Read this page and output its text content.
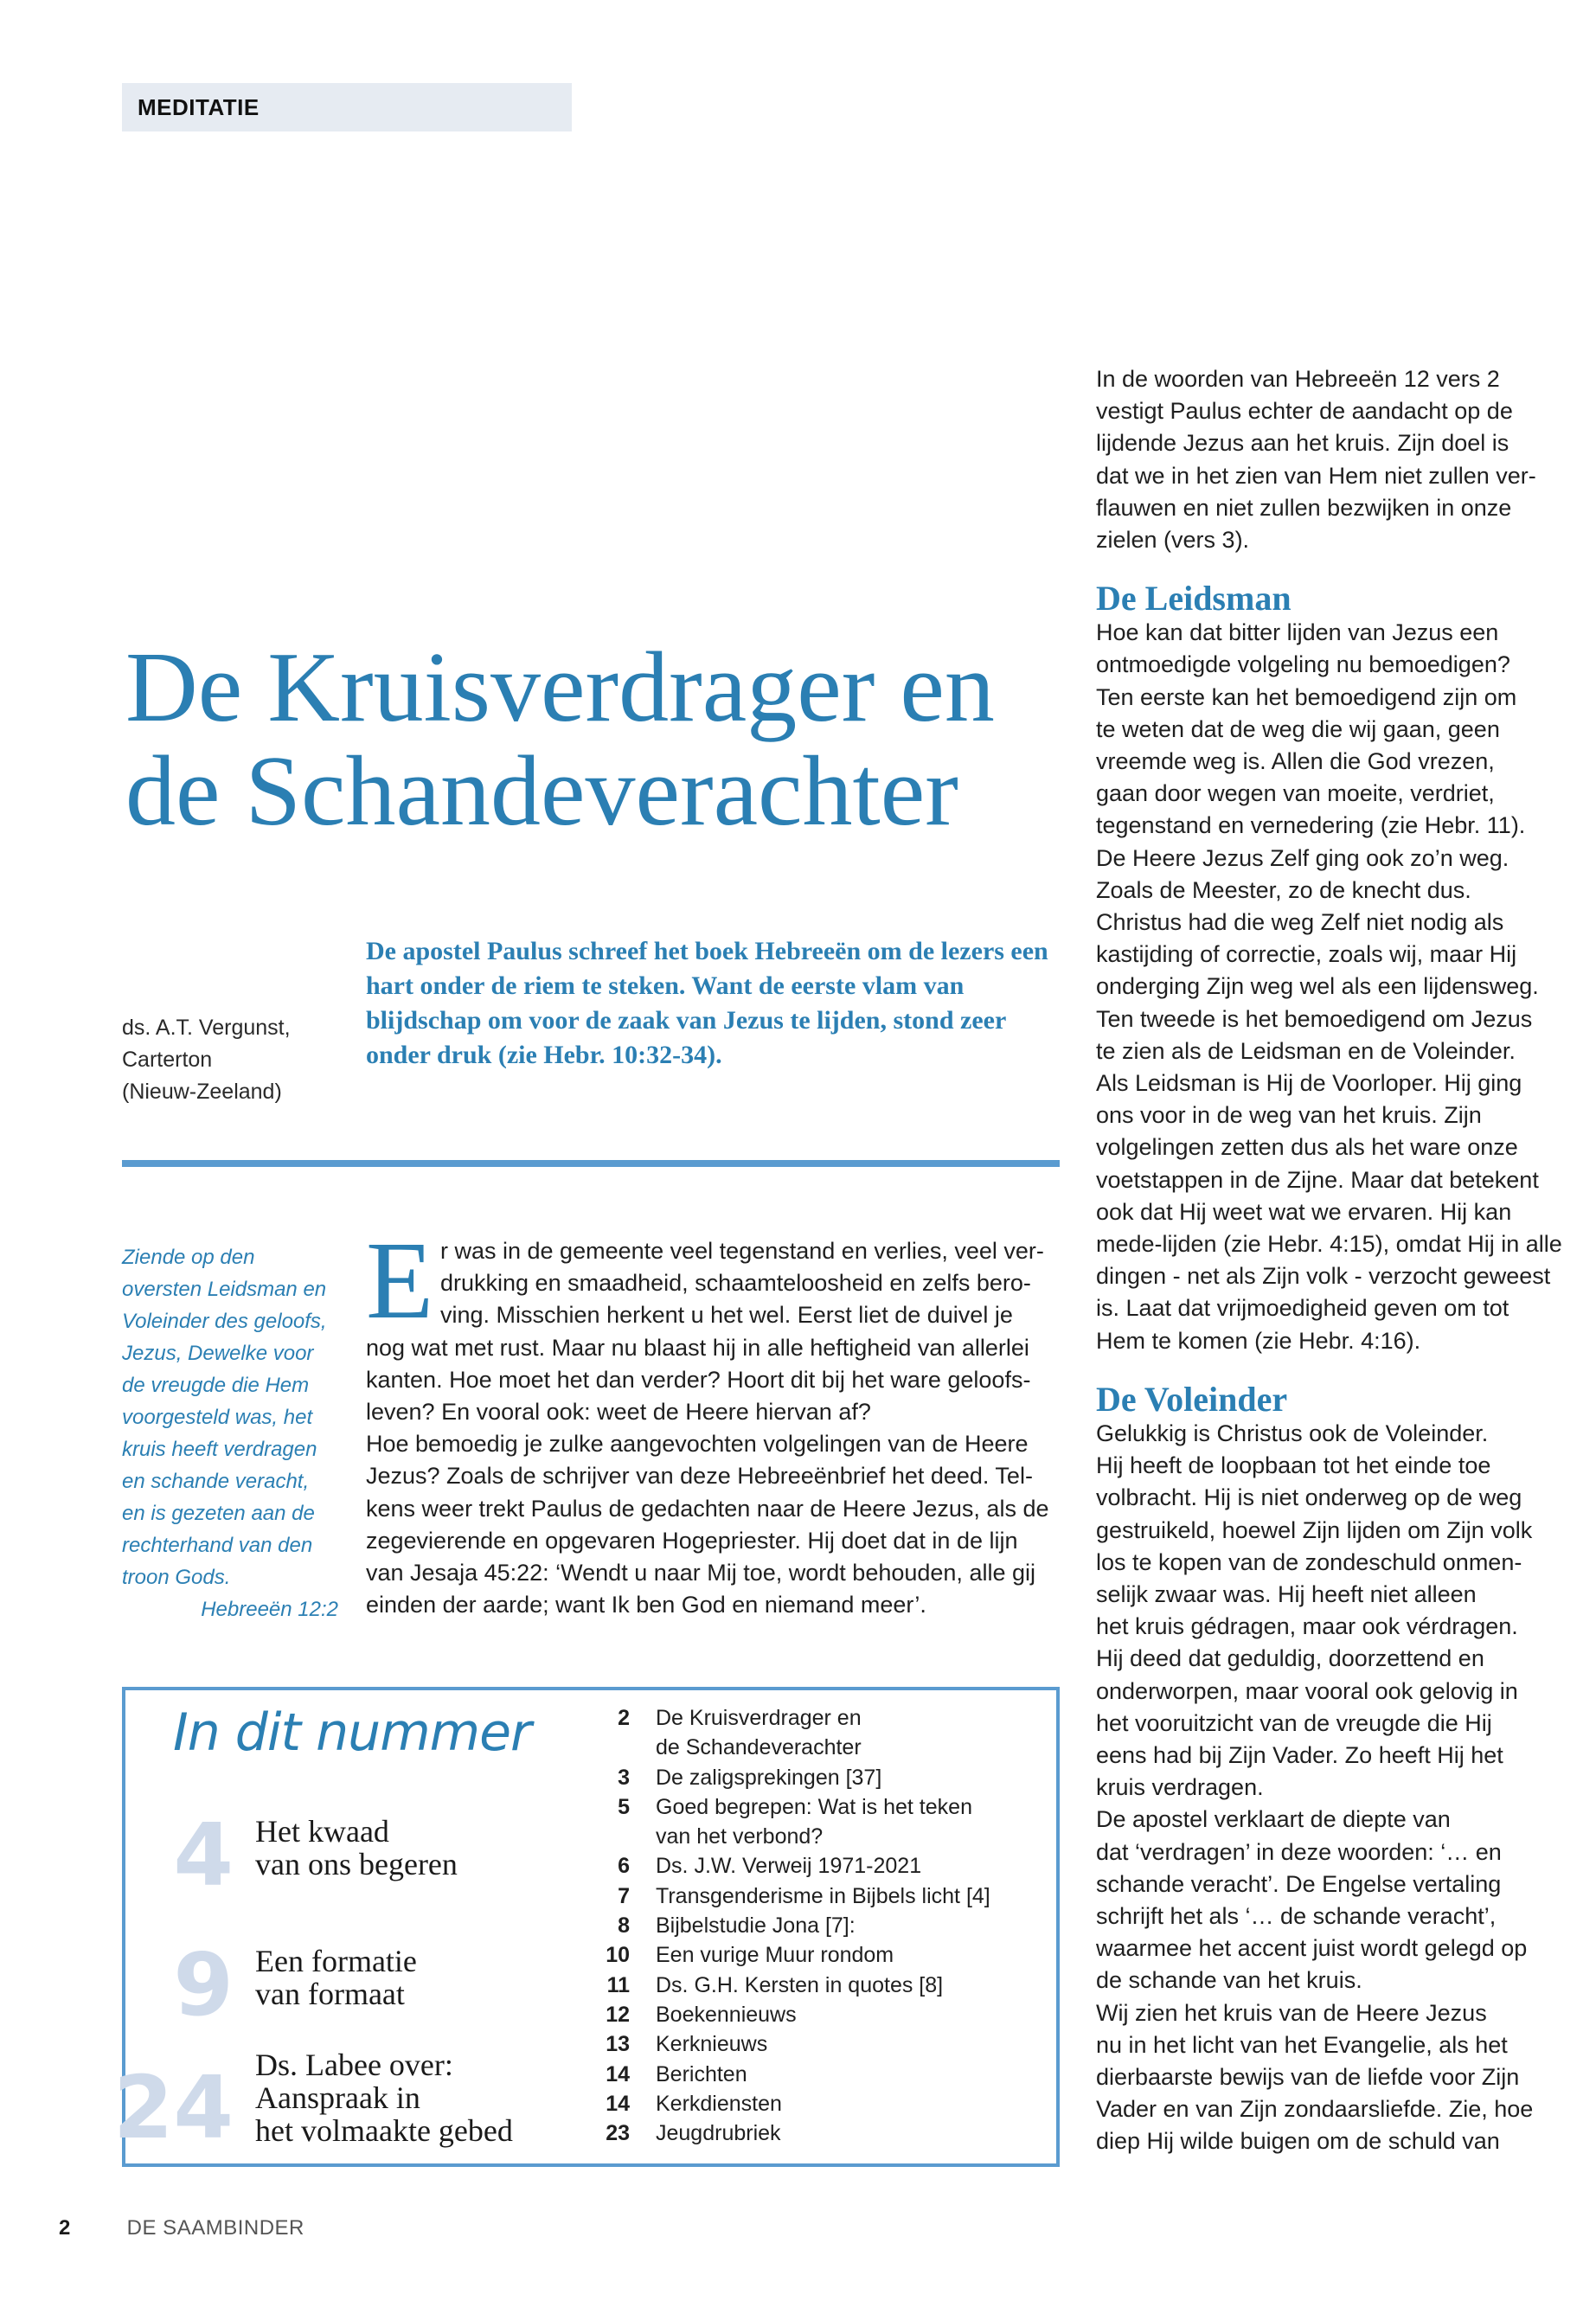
MEDITATIE
De Kruisverdrager en
de Schandeverachter
ds. A.T. Vergunst,
Carterton
(Nieuw-Zeeland)

De apostel Paulus schreef het boek Hebreeën om de lezers een hart onder de riem te steken. Want de eerste vlam van blijdschap om voor de zaak van Jezus te lijden, stond zeer onder druk (zie Hebr. 10:32-34).

Ziende op den
oversten Leidsman en
Voleinder des geloofs,
Jezus, Dewelke voor
de vreugde die Hem
voorgesteld was, het
kruis heeft verdragen
en schande veracht,
en is gezeten aan de
rechterhand van den
troon Gods.
Hebreeën 12:2
E r was in de gemeente veel tegenstand en verlies, veel ver-
drukking en smaadheid, schaamteloosheid en zelfs bero-
ving. Misschien herkent u het wel. Eerst liet de duivel je
nog wat met rust. Maar nu blaast hij in alle heftigheid van allerlei
kanten. Hoe moet het dan verder? Hoort dit bij het ware geloofs-
leven? En vooral ook: weet de Heere hiervan af?
Hoe bemoedig je zulke aangevochten volgelingen van de Heere
Jezus? Zoals de schrijver van deze Hebreeënbrief het deed. Tel-
kens weer trekt Paulus de gedachten naar de Heere Jezus, als de
zegevierende en opgevaren Hogepriester. Hij doet dat in de lijn
van Jesaja 45:22: ‘Wendt u naar Mij toe, wordt behouden, alle gij
einden der aarde; want Ik ben God en niemand meer’.
In dit nummer
4 Het kwaad
van ons begeren
9 Een formatie
van formaat
24 Ds. Labee over:
Aanspraak in
het volmaakte gebed
2 De Kruisverdrager en
de Schandeverachter
3 De zaligsprekingen [37]
5 Goed begrepen: Wat is het teken
van het verbond?
6 Ds. J.W. Verweij 1971-2021
7 Transgenderisme in Bijbels licht [4]
8 Bijbelstudie Jona [7]:
10 Een vurige Muur rondom
11 Ds. G.H. Kersten in quotes [8]
12 Boekennieuws
13 Kerknieuws
14 Berichten
14 Kerkdiensten
23 Jeugdrubriek
In de woorden van Hebreeën 12 vers 2
vestigt Paulus echter de aandacht op de
lijdende Jezus aan het kruis. Zijn doel is
dat we in het zien van Hem niet zullen ver-
flauwen en niet zullen bezwijken in onze
zielen (vers 3).
De Leidsman
Hoe kan dat bitter lijden van Jezus een
ontmoedigde volgeling nu bemoedigen?
Ten eerste kan het bemoedigend zijn om
te weten dat de weg die wij gaan, geen
vreemde weg is. Allen die God vrezen,
gaan door wegen van moeite, verdriet,
tegenstand en vernedering (zie Hebr. 11).
De Heere Jezus Zelf ging ook zo’n weg.
Zoals de Meester, zo de knecht dus.
Christus had die weg Zelf niet nodig als
kastijding of correctie, zoals wij, maar Hij
onderging Zijn weg wel als een lijdensweg.
Ten tweede is het bemoedigend om Jezus
te zien als de Leidsman en de Voleinder.
Als Leidsman is Hij de Voorloper. Hij ging
ons voor in de weg van het kruis. Zijn
volgelingen zetten dus als het ware onze
voetstappen in de Zijne. Maar dat betekent
ook dat Hij weet wat we ervaren. Hij kan
mede-lijden (zie Hebr. 4:15), omdat Hij in alle
dingen - net als Zijn volk - verzocht geweest
is. Laat dat vrijmoedigheid geven om tot
Hem te komen (zie Hebr. 4:16).
De Voleinder
Gelukkig is Christus ook de Voleinder.
Hij heeft de loopbaan tot het einde toe
volbracht. Hij is niet onderweg op de weg
gestruikeld, hoewel Zijn lijden om Zijn volk
los te kopen van de zondeschuld onmen-
selijk zwaar was. Hij heeft niet alleen
het kruis gédragen, maar ook vérdragen.
Hij deed dat geduldig, doorzettend en
onderworpen, maar vooral ook gelovig in
het vooruitzicht van de vreugde die Hij
eens had bij Zijn Vader. Zo heeft Hij het
kruis verdragen.
De apostel verklaart de diepte van
dat ‘verdragen’ in deze woorden: ‘… en
schande veracht’. De Engelse vertaling
schrijft het als ‘… de schande veracht’,
waarmee het accent juist wordt gelegd op
de schande van het kruis.
Wij zien het kruis van de Heere Jezus
nu in het licht van het Evangelie, als het
dierbaarste bewijs van de liefde voor Zijn
Vader en van Zijn zondaarsliefde. Zie, hoe
diep Hij wilde buigen om de schuld van
2	DE SAAMBINDER
